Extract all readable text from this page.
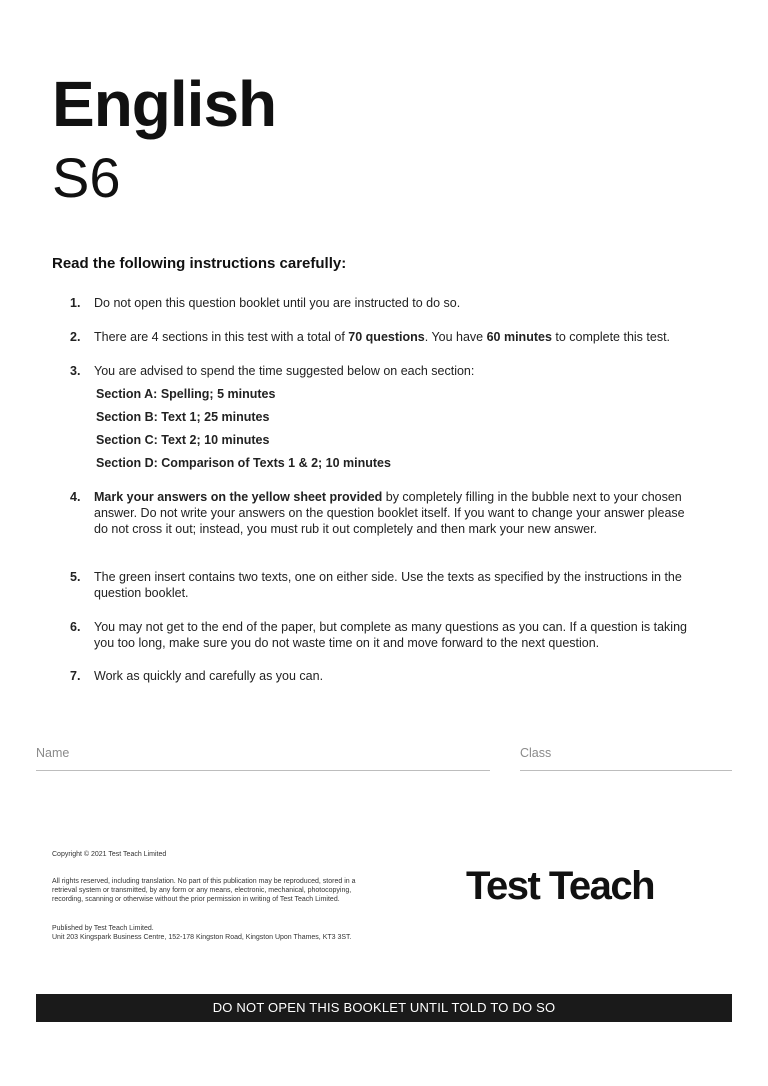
English
S6
Read the following instructions carefully:
1.	Do not open this question booklet until you are instructed to do so.
2.	There are 4 sections in this test with a total of 70 questions. You have 60 minutes to complete this test.
3.	You are advised to spend the time suggested below on each section:
Section A: Spelling; 5 minutes
Section B: Text 1; 25 minutes
Section C: Text 2; 10 minutes
Section D: Comparison of Texts 1 & 2; 10 minutes
4.	Mark your answers on the yellow sheet provided by completely filling in the bubble next to your chosen answer. Do not write your answers on the question booklet itself. If you want to change your answer please do not cross it out; instead, you must rub it out completely and then mark your new answer.
5.	The green insert contains two texts, one on either side. Use the texts as specified by the instructions in the question booklet.
6.	You may not get to the end of the paper, but complete as many questions as you can. If a question is taking you too long, make sure you do not waste time on it and move forward to the next question.
7.	Work as quickly and carefully as you can.
Name	Class
Copyright © 2021 Test Teach Limited
All rights reserved, including translation. No part of this publication may be reproduced, stored in a retrieval system or transmitted, by any form or any means, electronic, mechanical, photocopying, recording, scanning or otherwise without the prior permission in writing of Test Teach Limited.
Published by Test Teach Limited.
Unit 203 Kingspark Business Centre, 152-178 Kingston Road, Kingston Upon Thames, KT3 3ST.
Test Teach
DO NOT OPEN THIS BOOKLET UNTIL TOLD TO DO SO
